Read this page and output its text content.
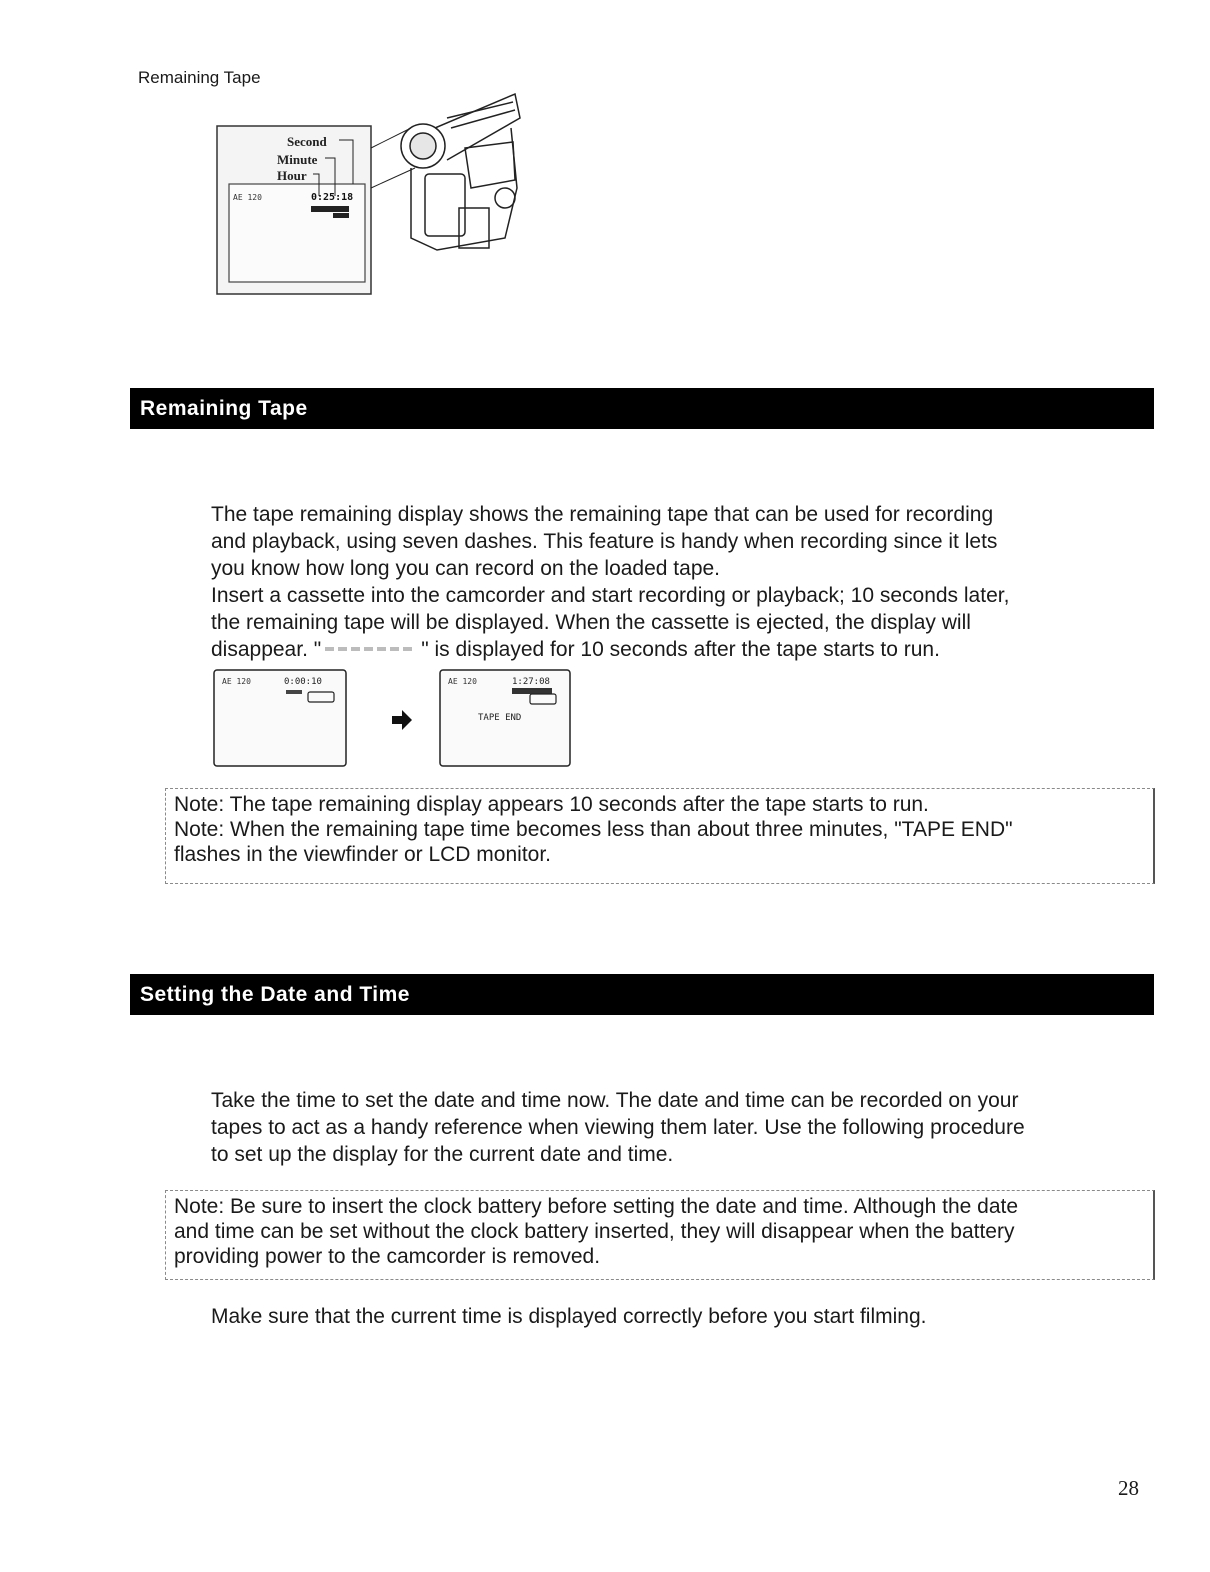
Remaining Tape
Second
Minute
Hour
AE 120	0:25:18
Remaining Tape

The tape remaining display shows the remaining tape that can be used for recording

and playback, using seven dashes. This feature is handy when recording since it lets

you know how long you can record on the loaded tape.

Insert a cassette into the camcorder and start recording or playback; 10 seconds later,

the remaining tape will be displayed. When the cassette is ejected, the display will

disappear. "	" is displayed for 10 seconds after the tape starts to run.

AE 120	0:00:10	AE 120	1:27:08
TAPE END

Note: The tape remaining display appears 10 seconds after the tape starts to run.

Note: When the remaining tape time becomes less than about three minutes, "TAPE END"

flashes in the viewfinder or LCD monitor.

Setting the Date and Time

Take the time to set the date and time now. The date and time can be recorded on your

tapes to act as a handy reference when viewing them later. Use the following procedure

to set up the display for the current date and time.

Note: Be sure to insert the clock battery before setting the date and time. Although the date

and time can be set without the clock battery inserted, they will disappear when the battery

providing power to the camcorder is removed.

Make sure that the current time is displayed correctly before you start filming.
28
